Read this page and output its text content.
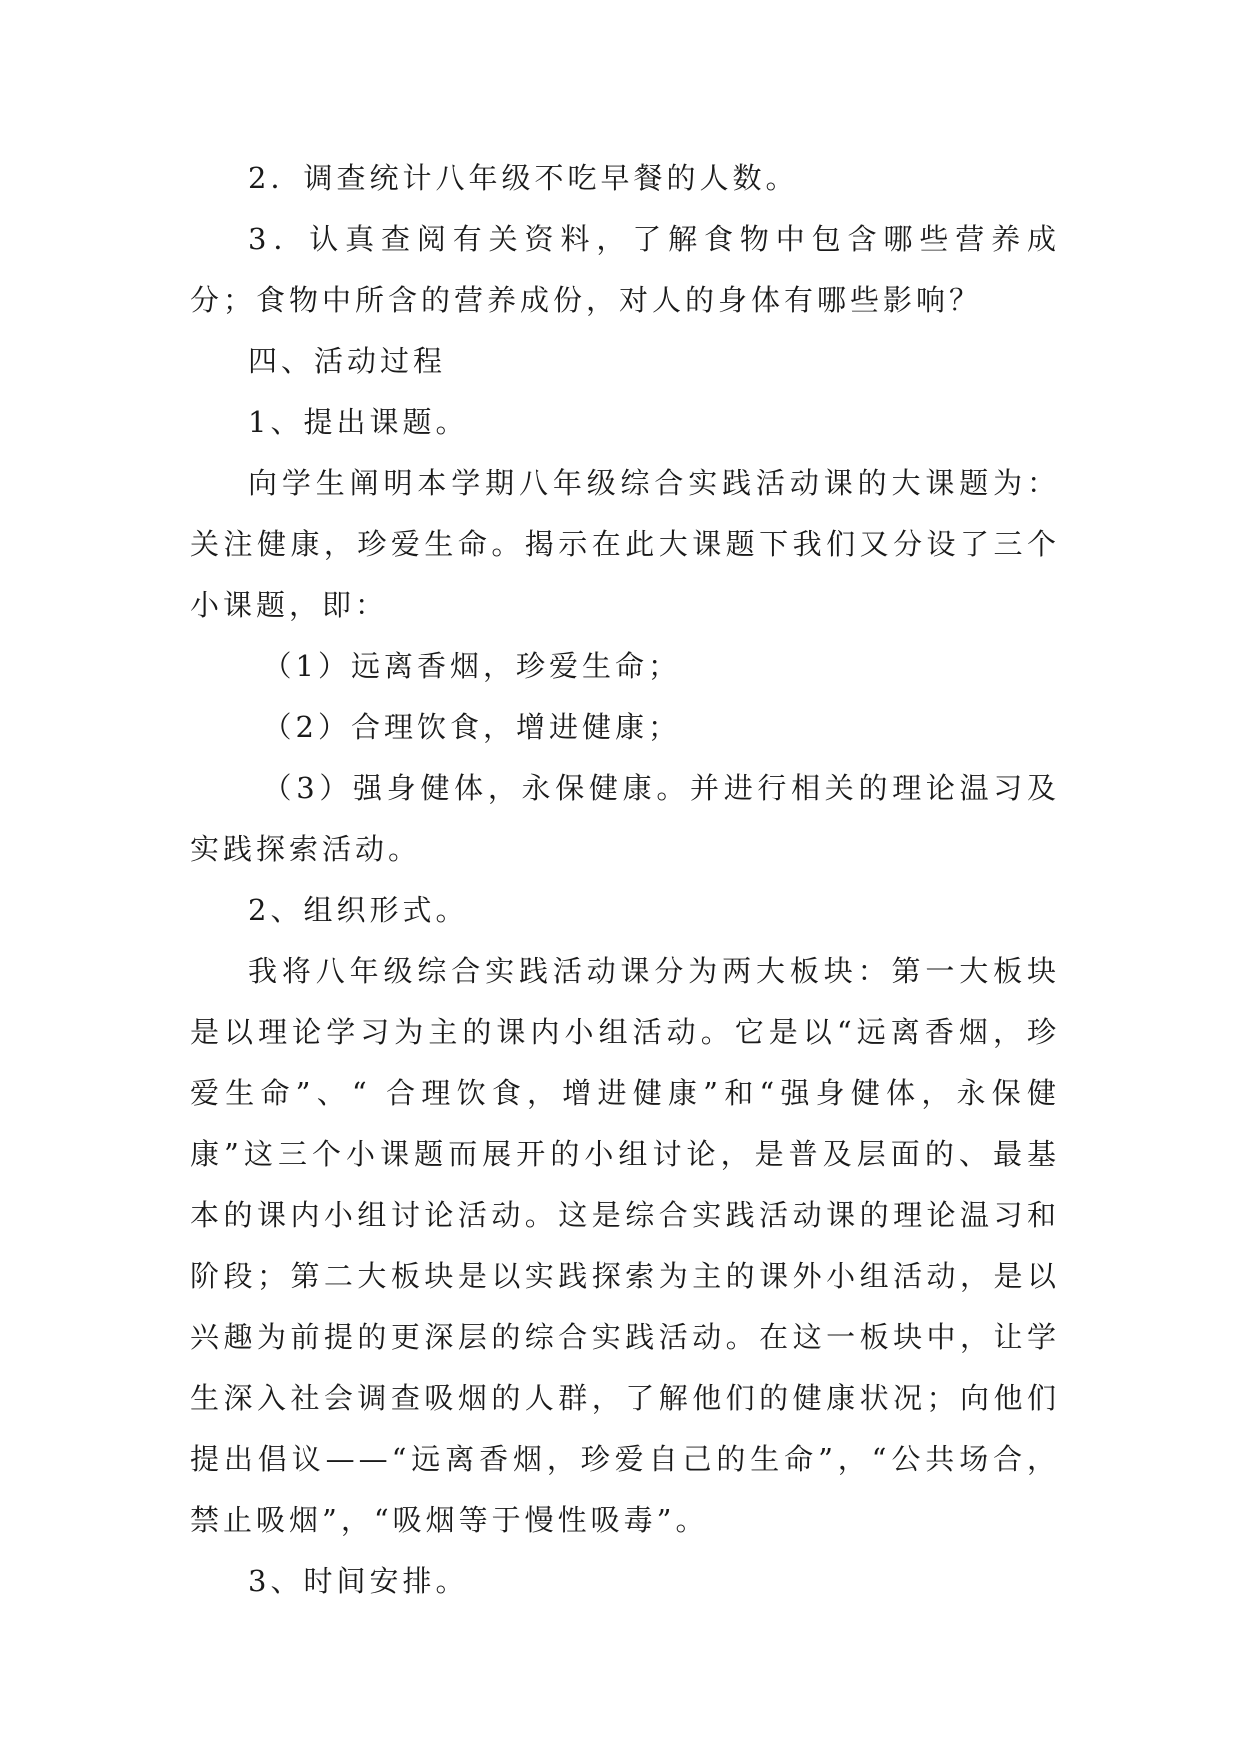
2．调查统计八年级不吃早餐的人数。

3．认真查阅有关资料，了解食物中包含哪些营养成分；食物中所含的营养成份，对人的身体有哪些影响？

四、活动过程

1、提出课题。

向学生阐明本学期八年级综合实践活动课的大课题为：关注健康，珍爱生命。揭示在此大课题下我们又分设了三个小课题，即：

（1）远离香烟，珍爱生命；

（2）合理饮食，增进健康；

（3）强身健体，永保健康。并进行相关的理论温习及实践探索活动。

2、组织形式。

我将八年级综合实践活动课分为两大板块：第一大板块是以理论学习为主的课内小组活动。它是以“远离香烟，珍爱生命”、“ 合理饮食，增进健康”和“强身健体，永保健康”这三个小课题而展开的小组讨论，是普及层面的、最基本的课内小组讨论活动。这是综合实践活动课的理论温习和阶段；第二大板块是以实践探索为主的课外小组活动，是以兴趣为前提的更深层的综合实践活动。在这一板块中，让学生深入社会调查吸烟的人群，了解他们的健康状况；向他们提出倡议——“远离香烟，珍爱自己的生命”，“公共场合，禁止吸烟”，“吸烟等于慢性吸毒”。

3、时间安排。
